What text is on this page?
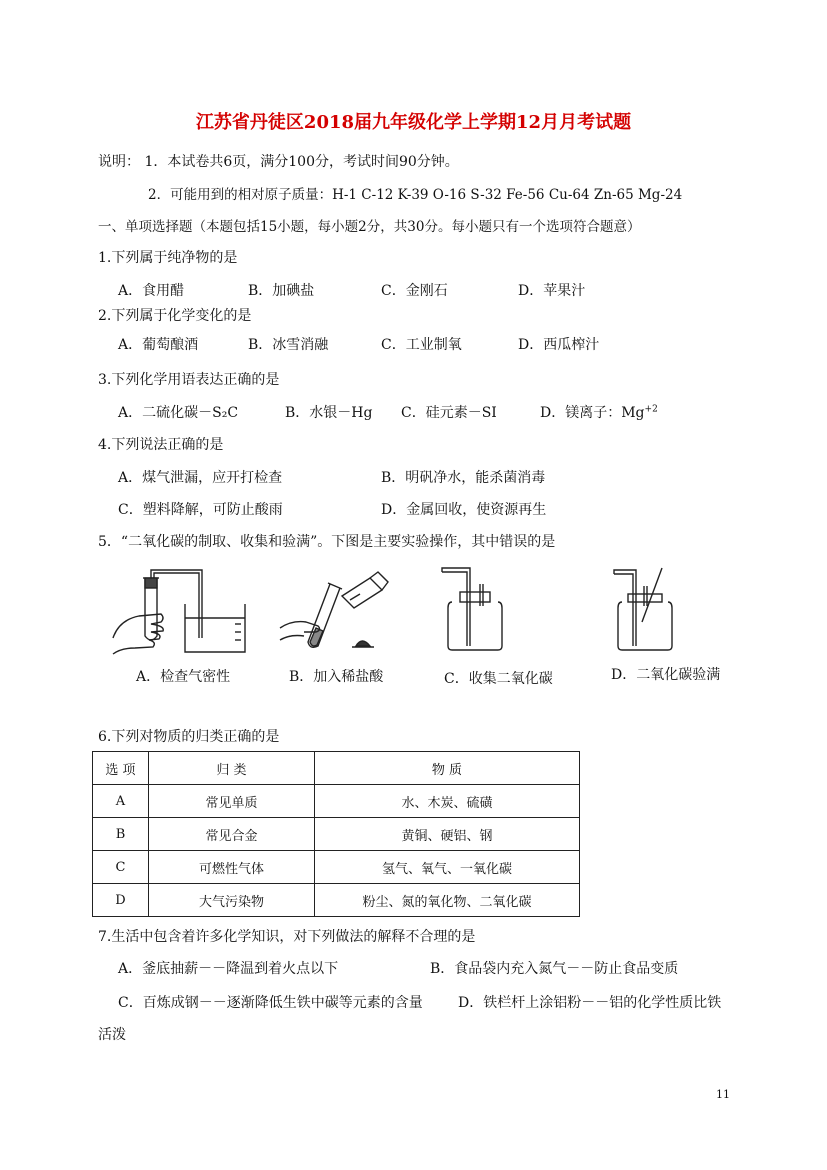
江苏省丹徒区2018届九年级化学上学期12月月考试题
说明： 1．本试卷共6页，满分100分，考试时间90分钟。
2．可能用到的相对原子质量：H-1 C-12 K-39 O-16 S-32 Fe-56 Cu-64 Zn-65 Mg-24
一、单项选择题（本题包括15小题，每小题2分，共30分。每小题只有一个选项符合题意）
1.下列属于纯净物的是
A．食用醋	B．加碘盐	C．金刚石	D．苹果汁
2.下列属于化学变化的是
A．葡萄酿酒	B．冰雪消融	C．工业制氧	D．西瓜榨汁
3.下列化学用语表达正确的是
A．二硫化碳－S₂C	B．水银－Hg C．硅元素－SI	D．镁离子：$Mg^{+2}$
4.下列说法正确的是
A．煤气泄漏，应开打检查	B．明矾净水，能杀菌消毒
C．塑料降解，可防止酸雨	D．金属回收，使资源再生
5．“二氧化碳的制取、收集和验满”。下图是主要实验操作，其中错误的是
A．检查气密性	B．加入稀盐酸	C．收集二氧化碳	D．二氧化碳验满
6.下列对物质的归类正确的是
选 项	归 类	物 质
A	常见单质	水、木炭、硫磺
B	常见合金	黄铜、硬铝、钢
C	可燃性气体	氢气、氧气、一氧化碳
D	大气污染物	粉尘、氮的氧化物、二氧化碳
7.生活中包含着许多化学知识，对下列做法的解释不合理的是
A．釜底抽薪－－降温到着火点以下	B．食品袋内充入氮气－－防止食品变质
C．百炼成钢－－逐渐降低生铁中碳等元素的含量	D．铁栏杆上涂铝粉－－铝的化学性质比铁
活泼
11
